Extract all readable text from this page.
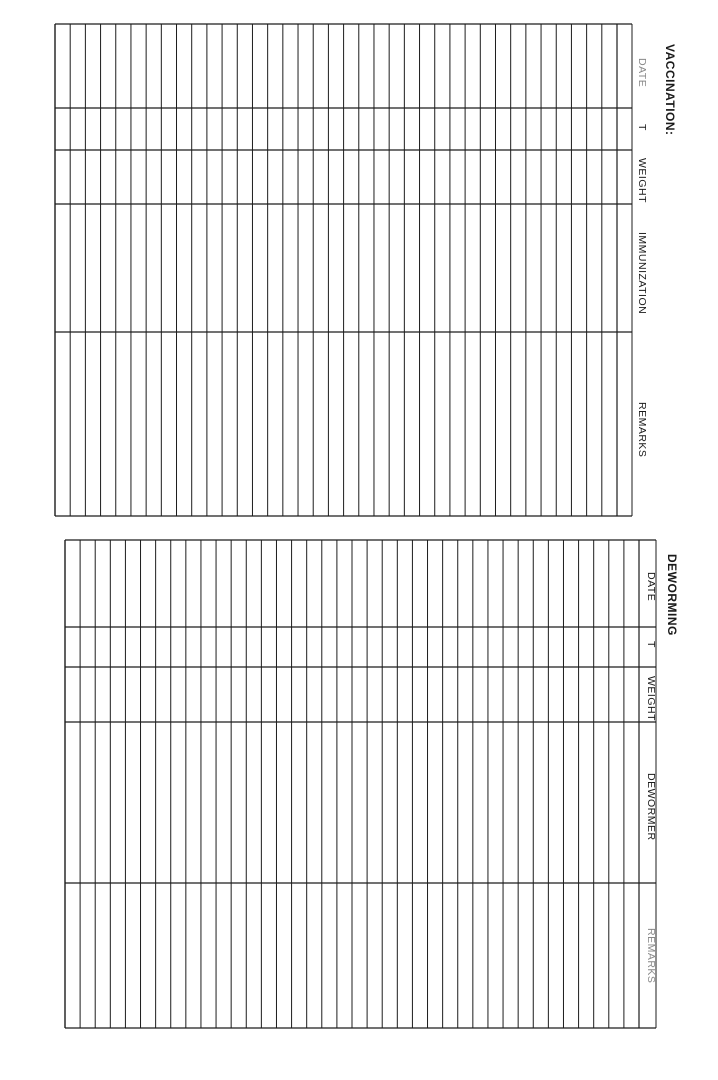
VACCINATION:
DATE
T
WEIGHT
IMMUNIZATION
REMARKS
DEWORMING
DATE
T
WEIGHT
DEWORMER
REMARKS
